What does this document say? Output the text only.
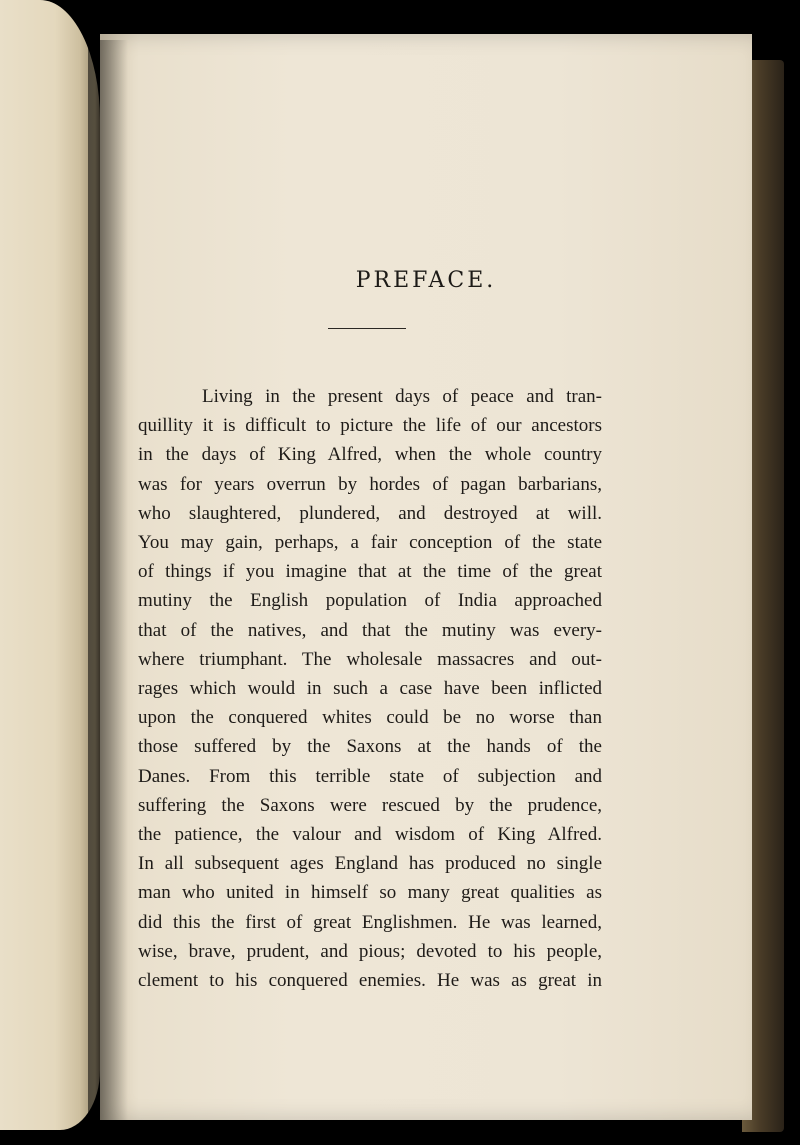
PREFACE.
Living in the present days of peace and tran-
quillity it is difficult to picture the life of our ancestors
in the days of King Alfred, when the whole country
was for years overrun by hordes of pagan barbarians,
who slaughtered, plundered, and destroyed at will.
You may gain, perhaps, a fair conception of the state
of things if you imagine that at the time of the great
mutiny the English population of India approached
that of the natives, and that the mutiny was every-
where triumphant. The wholesale massacres and out-
rages which would in such a case have been inflicted
upon the conquered whites could be no worse than
those suffered by the Saxons at the hands of the
Danes. From this terrible state of subjection and
suffering the Saxons were rescued by the prudence,
the patience, the valour and wisdom of King Alfred.
In all subsequent ages England has produced no single
man who united in himself so many great qualities as
did this the first of great Englishmen. He was learned,
wise, brave, prudent, and pious; devoted to his people,
clement to his conquered enemies. He was as great in
